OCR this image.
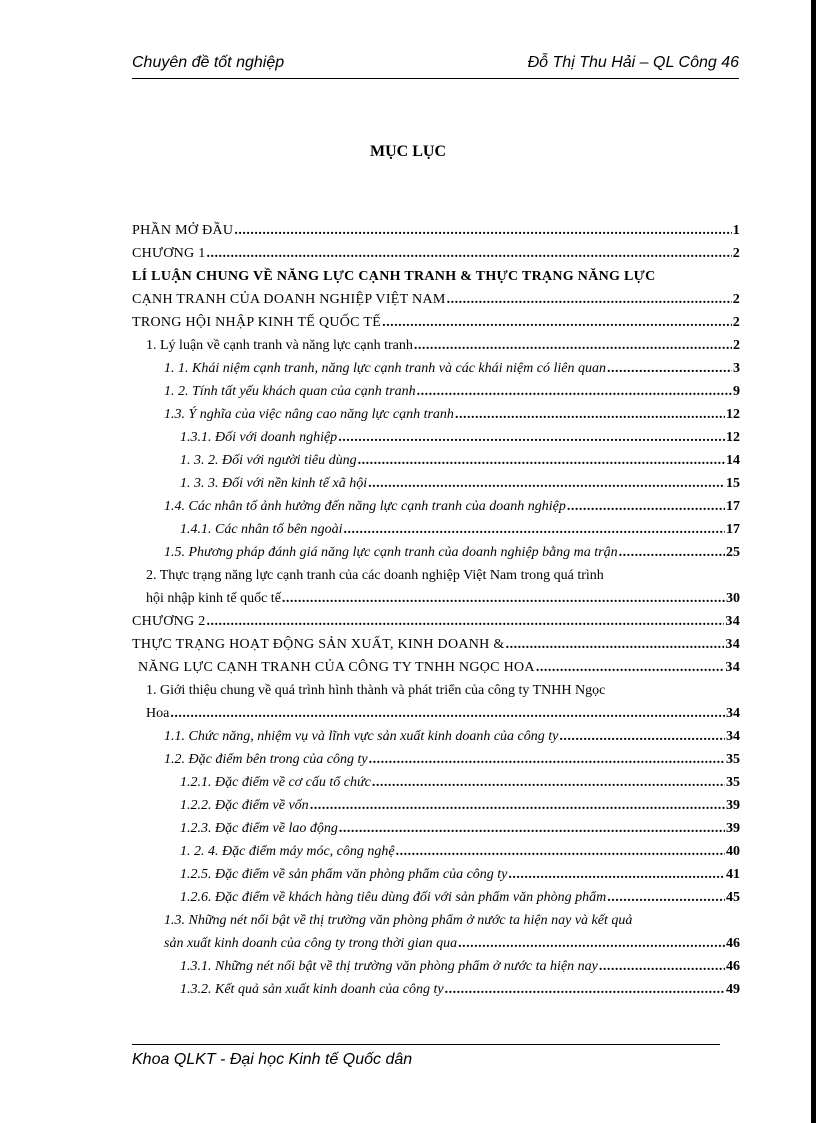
Chuyên đề tốt nghiệp	Đỗ Thị Thu Hải – QL Công 46
MỤC LỤC
PHẦN MỞ ĐẦU .....	1
CHƯƠNG 1 .....	2
LÍ LUẬN CHUNG VỀ NĂNG LỰC CẠNH TRANH & THỰC TRẠNG NĂNG LỰC
CẠNH TRANH CỦA DOANH NGHIỆP VIỆT NAM .....	2
TRONG HỘI NHẬP KINH TẾ QUỐC TẾ .....	2
1. Lý luận về cạnh tranh và năng lực cạnh tranh .....	2
1. 1. Khái niệm cạnh tranh, năng lực cạnh tranh và các khái niệm có liên quan .....	3
1. 2. Tính tất yếu khách quan của cạnh tranh .....	9
1.3. Ý nghĩa của việc nâng cao năng lực cạnh tranh .....	12
1.3.1. Đối với doanh nghiệp .....	12
1. 3. 2. Đối với người tiêu dùng .....	14
1. 3. 3. Đối với nền kinh tế xã hội .....	15
1.4. Các nhân tố ảnh hưởng đến năng lực cạnh tranh của doanh nghiệp .....	17
1.4.1. Các nhân tố bên ngoài .....	17
1.5. Phương pháp đánh giá năng lực cạnh tranh của doanh nghiệp bằng ma trận .....	25
2. Thực trạng năng lực cạnh tranh của các doanh nghiệp Việt Nam trong quá trình
hội nhập kinh tế quốc tế .....	30
CHƯƠNG 2 .....	34
THỰC TRẠNG HOẠT ĐỘNG SẢN XUẤT, KINH DOANH & .....	34
NĂNG LỰC CẠNH TRANH CỦA CÔNG TY TNHH NGỌC HOA .....	34
1. Giới thiệu chung về quá trình hình thành và phát triển của công ty TNHH Ngọc
Hoa .....	34
1.1. Chức năng, nhiệm vụ và lĩnh vực sản xuất kinh doanh của công ty .....	34
1.2. Đặc điểm bên trong của công ty .....	35
1.2.1. Đặc điểm về cơ cấu tổ chức .....	35
1.2.2. Đặc điểm về vốn .....	39
1.2.3. Đặc điểm về lao động .....	39
1. 2. 4. Đặc điểm máy móc, công nghệ .....	40
1.2.5. Đặc điểm về sản phẩm văn phòng phẩm của công ty .....	41
1.2.6. Đặc điểm về khách hàng tiêu dùng đối với sản phẩm văn phòng phẩm .....	45
1.3. Những nét nổi bật về thị trường văn phòng phẩm ở nước ta hiện nay và kết quả
sản xuất kinh doanh của công ty trong thời gian qua .....	46
1.3.1. Những nét nổi bật về thị trường văn phòng phẩm ở nước ta hiện nay .....	46
1.3.2. Kết quả sản xuất kinh doanh của công ty .....	49
Khoa QLKT - Đại học Kinh tế Quốc dân
